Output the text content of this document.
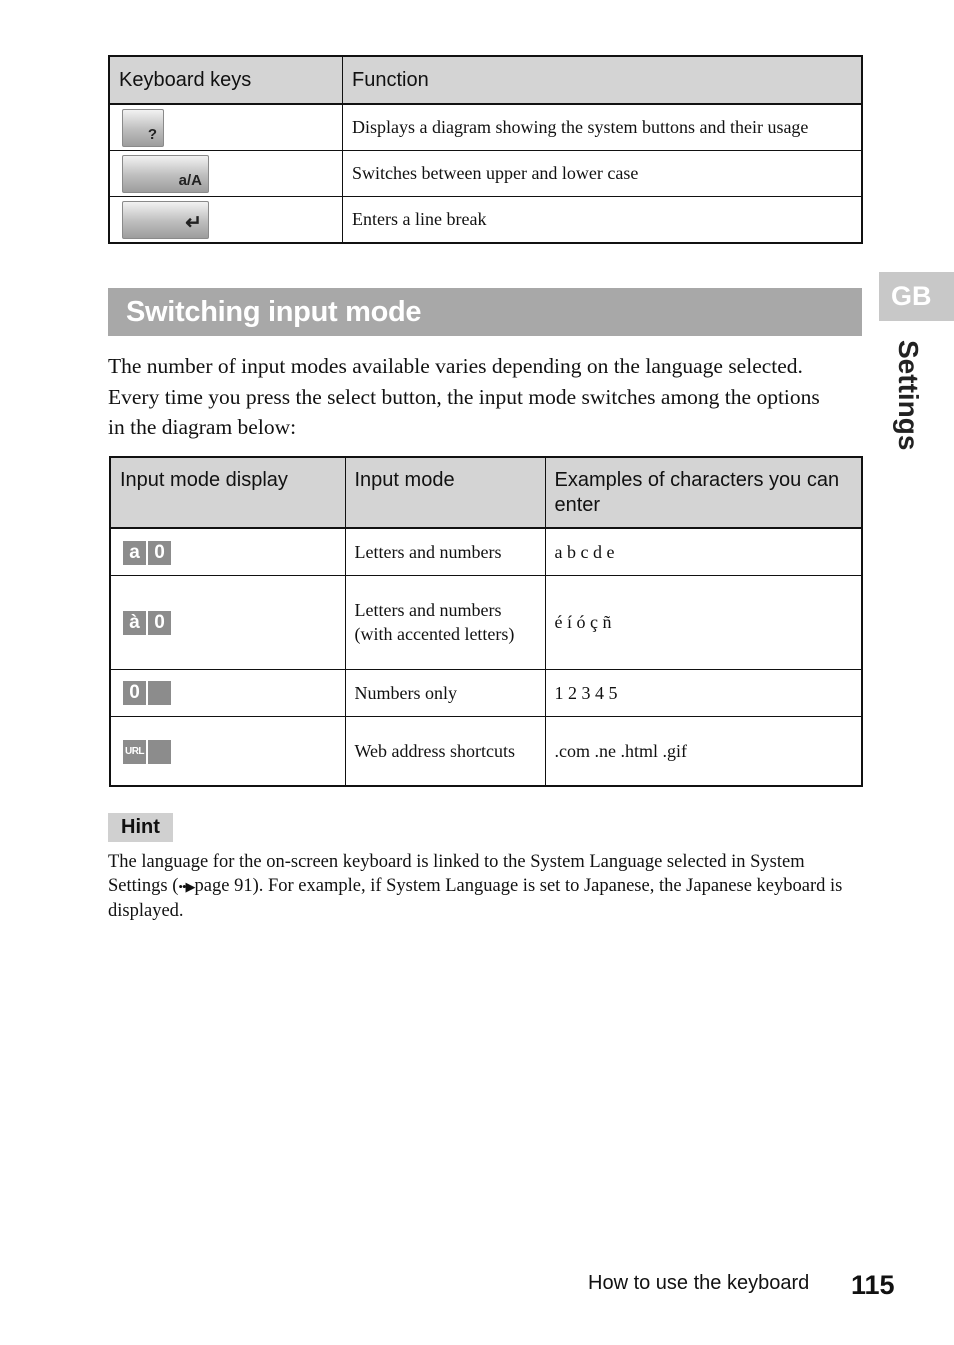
Keyboard keys	Function

?	Displays a diagram showing the system buttons and their usage

a/A	Switches between upper and lower case

↵	Enters a line break
Switching input mode

The number of input modes available varies depending on the language selected. Every time you press the select button, the input mode switches among the options in the diagram below:

Input mode display	Input mode	Examples of characters you can enter

a 0	Letters and numbers	a b c d e

à 0	Letters and numbers (with accented letters)	é í ó ç ñ

0	Numbers only	1 2 3 4 5

URL	Web address shortcuts	.com .ne .html .gif
Hint

The language for the on-screen keyboard is linked to the System Language selected in System Settings (••▶page 91). For example, if System Language is set to Japanese, the Japanese keyboard is displayed.

GB
Settings
How to use the keyboard 115
